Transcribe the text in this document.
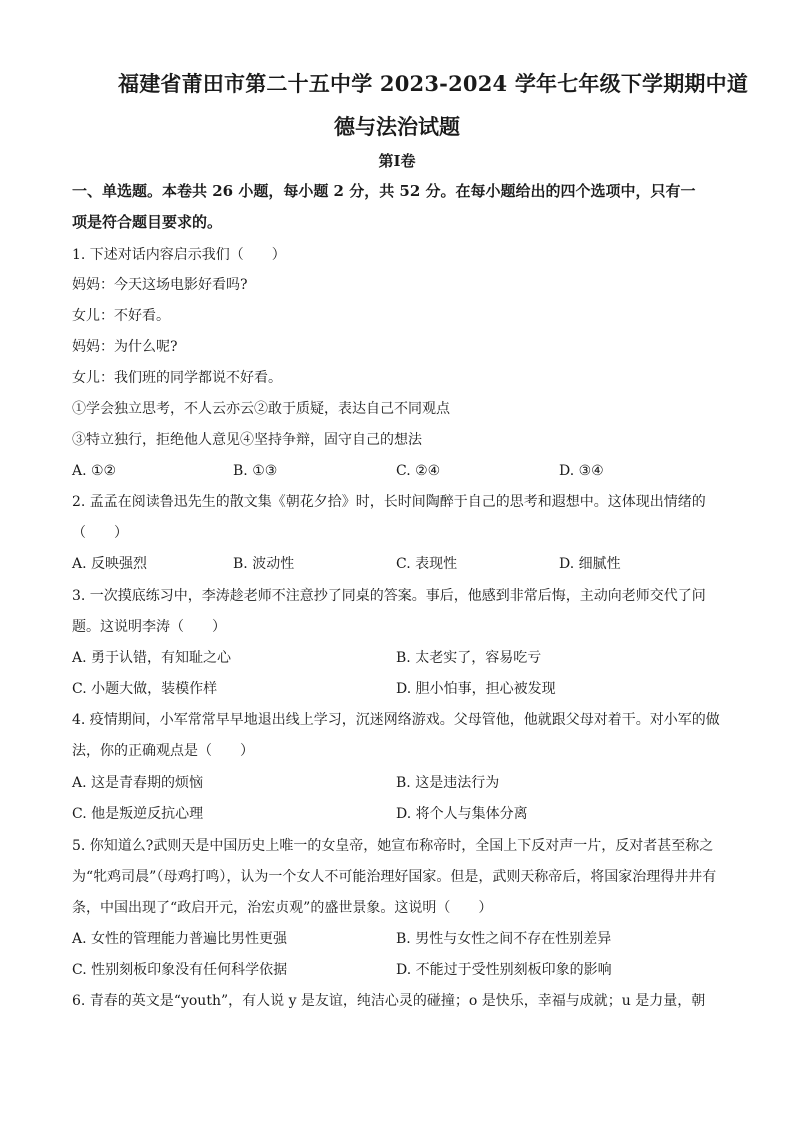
福建省莆田市第二十五中学 2023-2024 学年七年级下学期期中道
德与法治试题
第Ⅰ卷
一、单选题。本卷共 26 小题，每小题 2 分，共 52 分。在每小题给出的四个选项中，只有一
项是符合题目要求的。
1. 下述对话内容启示我们（　　）
妈妈：今天这场电影好看吗?
女儿：不好看。
妈妈：为什么呢?
女儿：我们班的同学都说不好看。
①学会独立思考，不人云亦云②敢于质疑，表达自己不同观点
③特立独行，拒绝他人意见④坚持争辩，固守自己的想法
A. ①②	B. ①③	C. ②④	D. ③④
2. 孟孟在阅读鲁迅先生的散文集《朝花夕拾》时，长时间陶醉于自己的思考和遐想中。这体现出情绪的
（　　）
A. 反映强烈	B. 波动性	C. 表现性	D. 细腻性
3. 一次摸底练习中，李涛趁老师不注意抄了同桌的答案。事后，他感到非常后悔，主动向老师交代了问
题。这说明李涛（　　）
A. 勇于认错，有知耻之心	B. 太老实了，容易吃亏
C. 小题大做，装模作样	D. 胆小怕事，担心被发现
4. 疫情期间，小军常常早早地退出线上学习，沉迷网络游戏。父母管他，他就跟父母对着干。对小军的做
法，你的正确观点是（　　）
A. 这是青春期的烦恼	B. 这是违法行为
C. 他是叛逆反抗心理	D. 将个人与集体分离
5. 你知道么?武则天是中国历史上唯一的女皇帝，她宣布称帝时，全国上下反对声一片，反对者甚至称之
为“牝鸡司晨”（母鸡打鸣），认为一个女人不可能治理好国家。但是，武则天称帝后，将国家治理得井井有
条，中国出现了“政启开元，治宏贞观”的盛世景象。这说明（　　）
A. 女性的管理能力普遍比男性更强	B. 男性与女性之间不存在性别差异
C. 性别刻板印象没有任何科学依据	D. 不能过于受性别刻板印象的影响
6. 青春的英文是“youth”，有人说 y 是友谊，纯洁心灵的碰撞；o 是快乐，幸福与成就；u 是力量，朝
